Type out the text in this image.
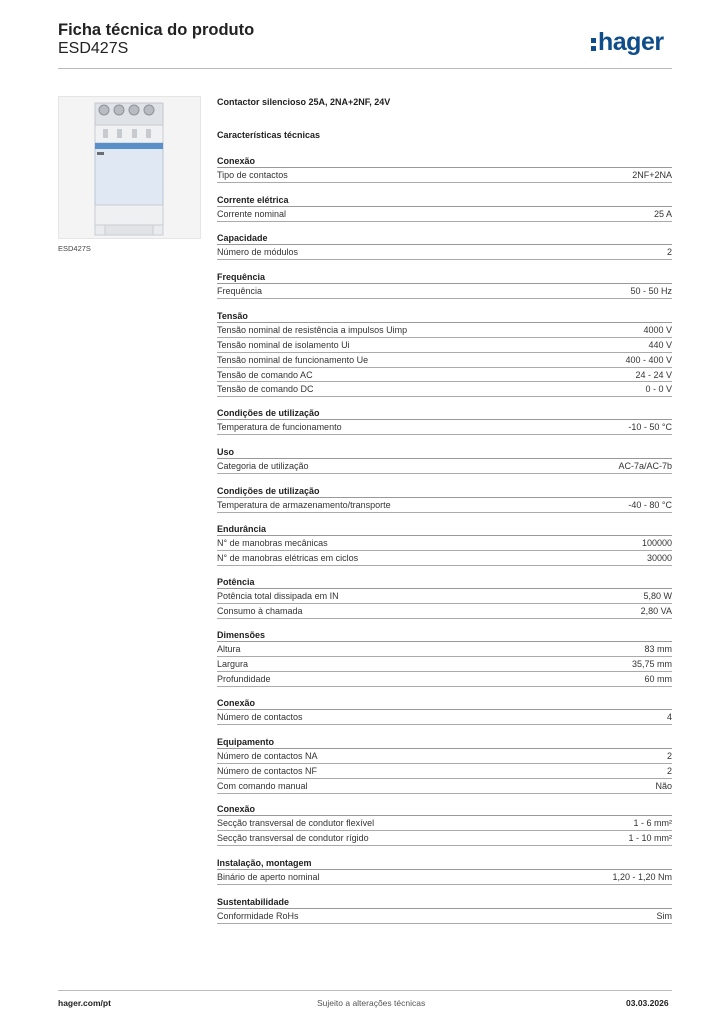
Ficha técnica do produto
ESD427S	hager
ESD427S
Contactor silencioso 25A, 2NA+2NF, 24V
Características técnicas
Conexão
Tipo de contactos	2NF+2NA
Corrente elétrica
Corrente nominal	25 A
Capacidade
Número de módulos	2
Frequência
Frequência	50 - 50 Hz
Tensão
Tensão nominal de resistência a impulsos Uimp	4000 V
Tensão nominal de isolamento Ui	440 V
Tensão nominal de funcionamento Ue	400 - 400 V
Tensão de comando AC	24 - 24 V
Tensão de comando DC	0 - 0 V
Condições de utilização
Temperatura de funcionamento	-10 - 50 °C
Uso
Categoria de utilização	AC-7a/AC-7b
Condições de utilização
Temperatura de armazenamento/transporte	-40 - 80 °C
Endurância
N° de manobras mecânicas	100000
N° de manobras elétricas em ciclos	30000
Potência
Potência total dissipada em IN	5,80 W
Consumo à chamada	2,80 VA
Dimensões
Altura	83 mm
Largura	35,75 mm
Profundidade	60 mm
Conexão
Número de contactos	4
Equipamento
Número de contactos NA	2
Número de contactos NF	2
Com comando manual	Não
Conexão
Secção transversal de condutor flexível	1 - 6 mm²
Secção transversal de condutor rígido	1 - 10 mm²
Instalação, montagem
Binário de aperto nominal	1,20 - 1,20 Nm
Sustentabilidade
Conformidade RoHs	Sim
hager.com/pt	Sujeito a alterações técnicas	03.03.2026
